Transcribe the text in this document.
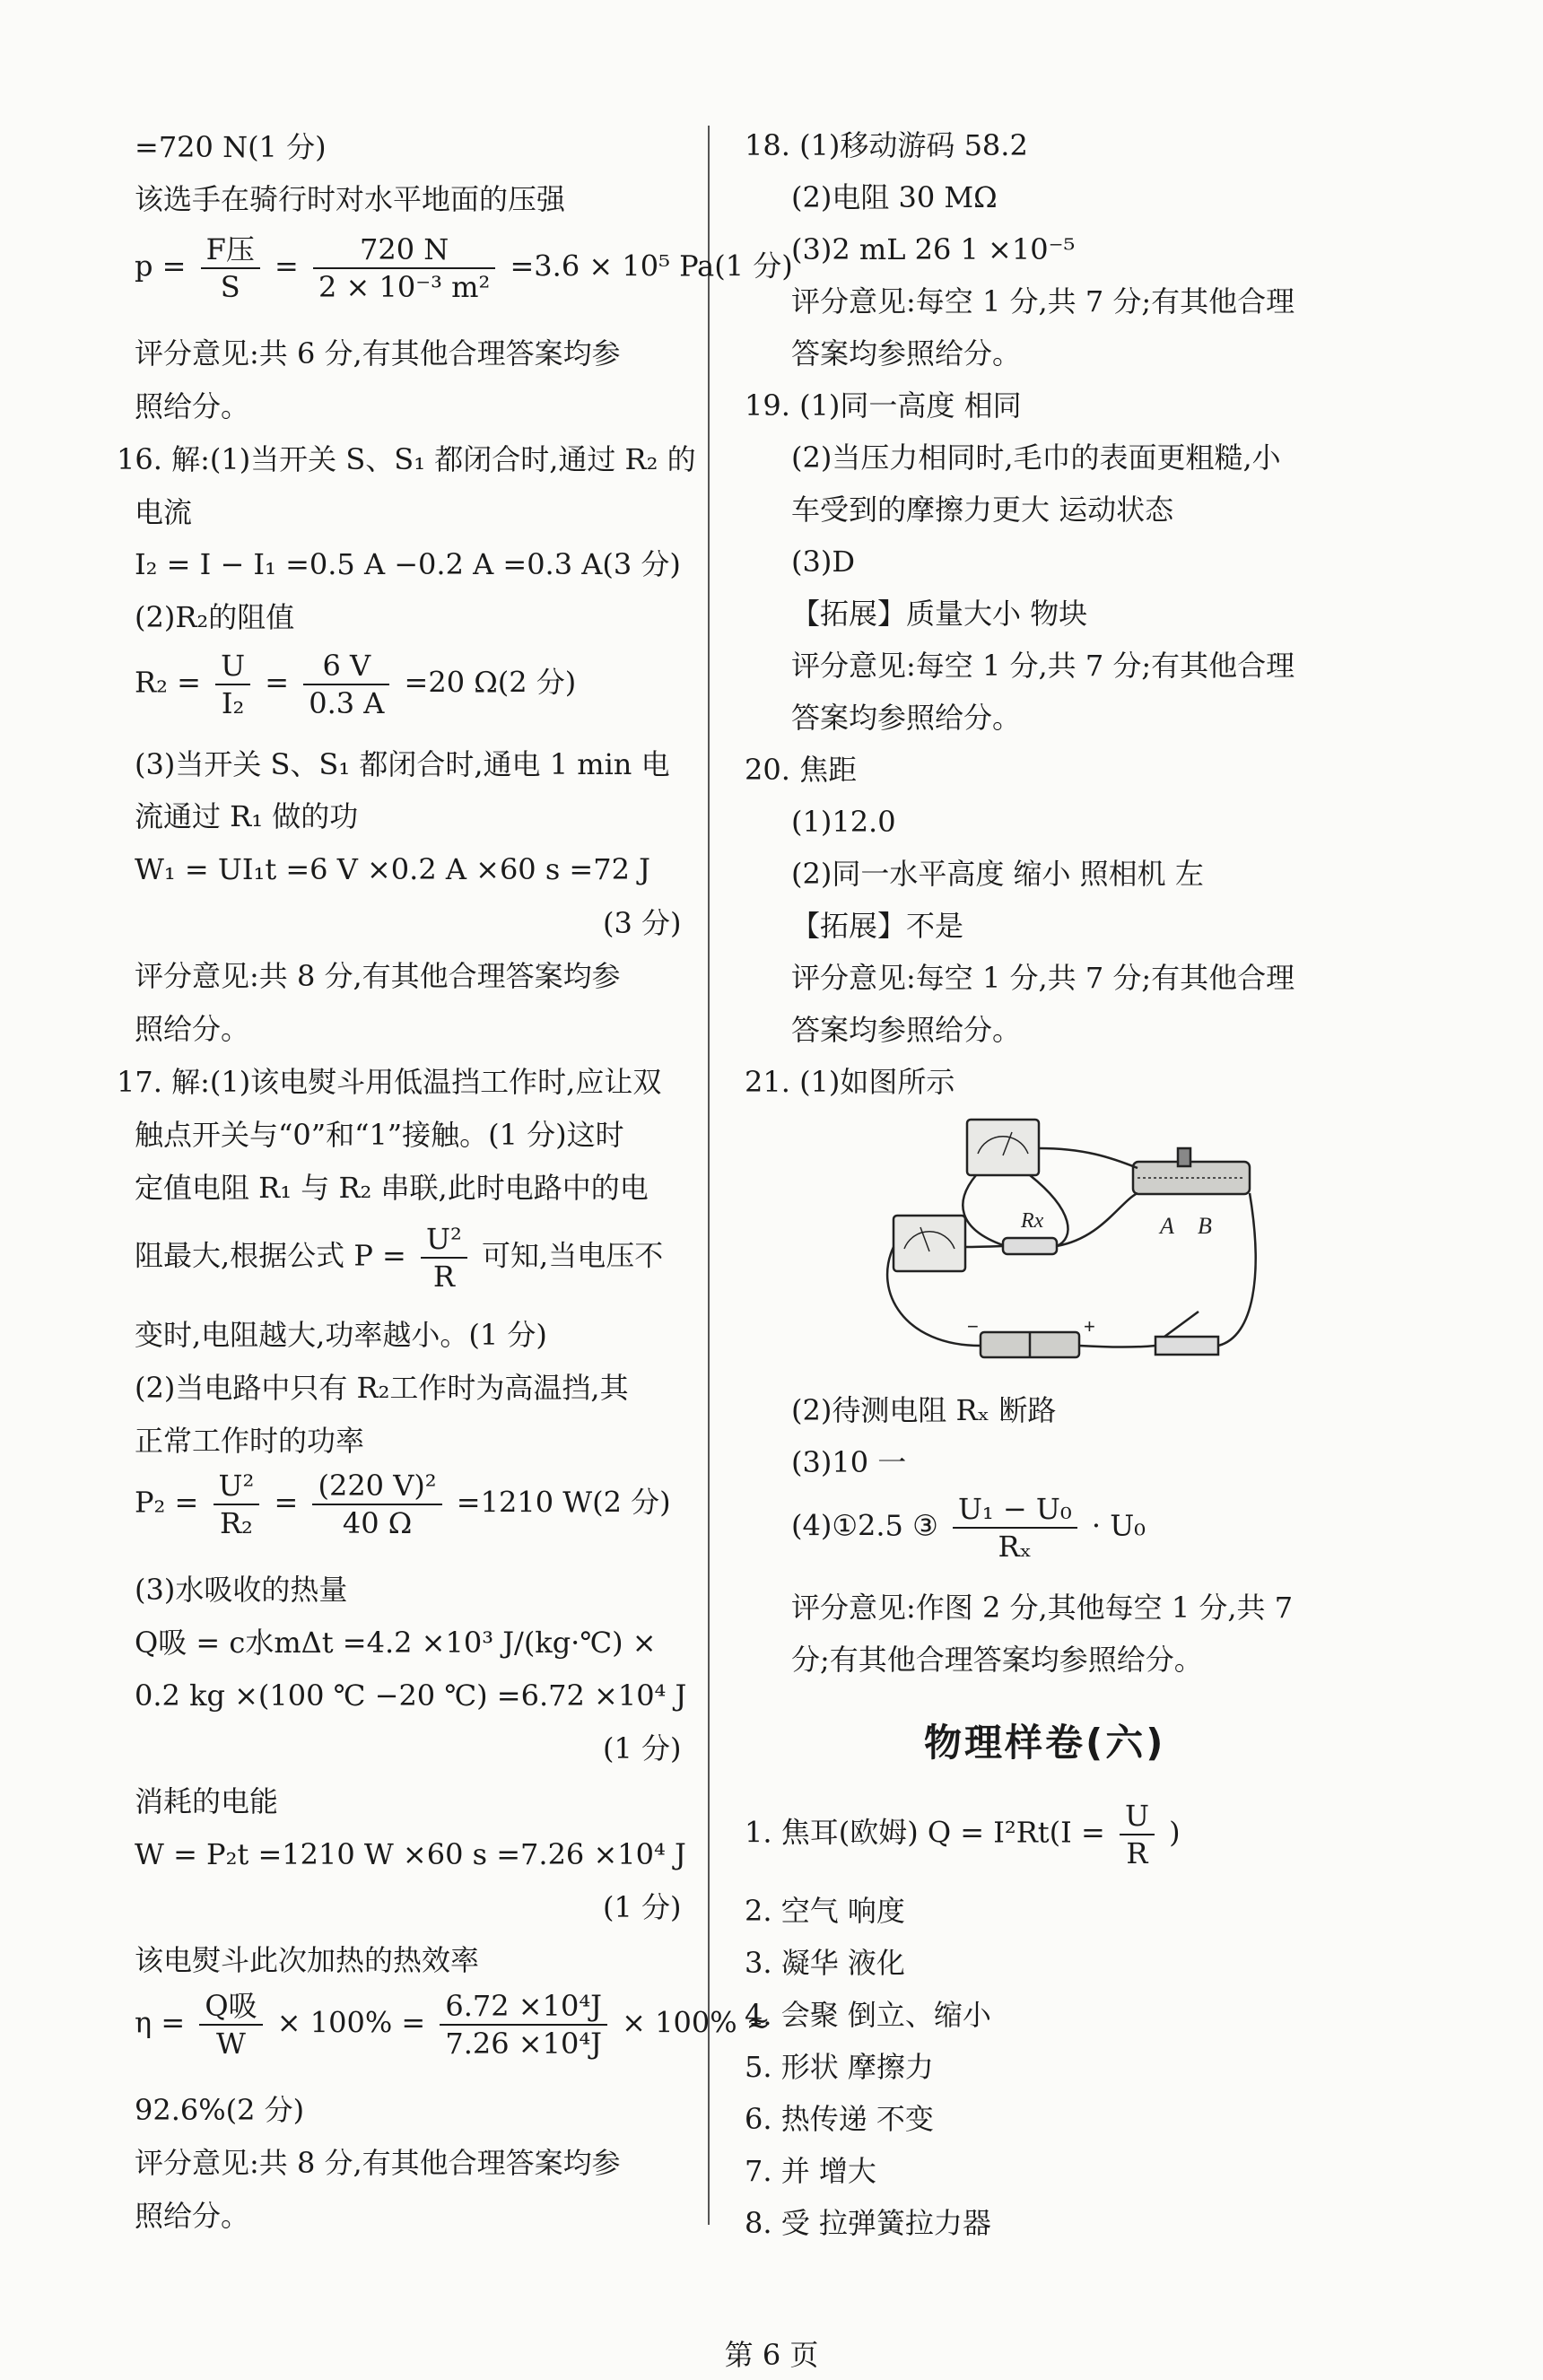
=720 N(1 分)
该选手在骑行时对水平地面的压强
$p = \frac{\text{F压}}{S} = \frac{720 N}{\text{2 × 10⁻³ m²}} =3.6 \times 10^5$ Pa(1 分)
评分意见:共 6 分,有其他合理答案均参
照给分。
16. 解:(1)当开关 S、S₁ 都闭合时,通过 R₂ 的
电流
I₂ = I − I₁ =0.5 A −0.2 A =0.3 A(3 分)
(2)R₂的阻值
$R_2 = \frac{U}{\text{I₂}} = \frac{6 V}{0.3 A} =20$ Ω(2 分)
(3)当开关 S、S₁ 都闭合时,通电 1 min 电
流通过 R₁ 做的功
W₁ = UI₁t =6 V ×0.2 A ×60 s =72 J
(3 分)
评分意见:共 8 分,有其他合理答案均参
照给分。
17. 解:(1)该电熨斗用低温挡工作时,应让双
触点开关与“0”和“1”接触。(1 分)这时
定值电阻 R₁ 与 R₂ 串联,此时电路中的电
阻最大,根据公式 $P = \frac{\text{U²}}{R}$ 可知,当电压不
变时,电阻越大,功率越小。(1 分)
(2)当电路中只有 R₂工作时为高温挡,其
正常工作时的功率
$P_2 = \frac{\text{U²}}{\text{R₂}} = \frac{\text{(220 V)²}}{40 \Omega} =1210$ W(2 分)
(3)水吸收的热量
Q吸 = c水mΔt =4.2 ×10³ J/(kg·℃) ×
0.2 kg ×(100 ℃ −20 ℃) =6.72 ×10⁴ J
(1 分)
消耗的电能
W = P₂t =1210 W ×60 s =7.26 ×10⁴ J
(1 分)
该电熨斗此次加热的热效率
$\eta = \frac{\text{Q吸}}{W} \times 100\% = \frac{\text{6.72 ×10⁴J}}{\text{7.26 ×10⁴J}} \times 100\%$ ≈
92.6%(2 分)
评分意见:共 8 分,有其他合理答案均参
照给分。
18. (1)移动游码 58.2
(2)电阻 30 MΩ
(3)2 mL 26 1 ×10⁻⁵
评分意见:每空 1 分,共 7 分;有其他合理
答案均参照给分。
19. (1)同一高度 相同
(2)当压力相同时,毛巾的表面更粗糙,小
车受到的摩擦力更大 运动状态
(3)D
【拓展】质量大小 物块
评分意见:每空 1 分,共 7 分;有其他合理
答案均参照给分。
20. 焦距
(1)12.0
(2)同一水平高度 缩小 照相机 左
【拓展】不是
评分意见:每空 1 分,共 7 分;有其他合理
答案均参照给分。
21. (1)如图所示
Rx	A B
+
−
(2)待测电阻 Rₓ 断路
(3)10 一
(4)①2.5 ③ $\frac{\text{U₁ − U₀}}{\text{Rₓ}} \cdot U_0$
评分意见:作图 2 分,其他每空 1 分,共 7
分;有其他合理答案均参照给分。
物理样卷(六)
1. 焦耳(欧姆) $Q = I^2Rt(I = \frac{U}{R}$ )
2. 空气 响度
3. 凝华 液化
4. 会聚 倒立、缩小
5. 形状 摩擦力
6. 热传递 不变
7. 并 增大
8. 受 拉弹簧拉力器
第 6 页
